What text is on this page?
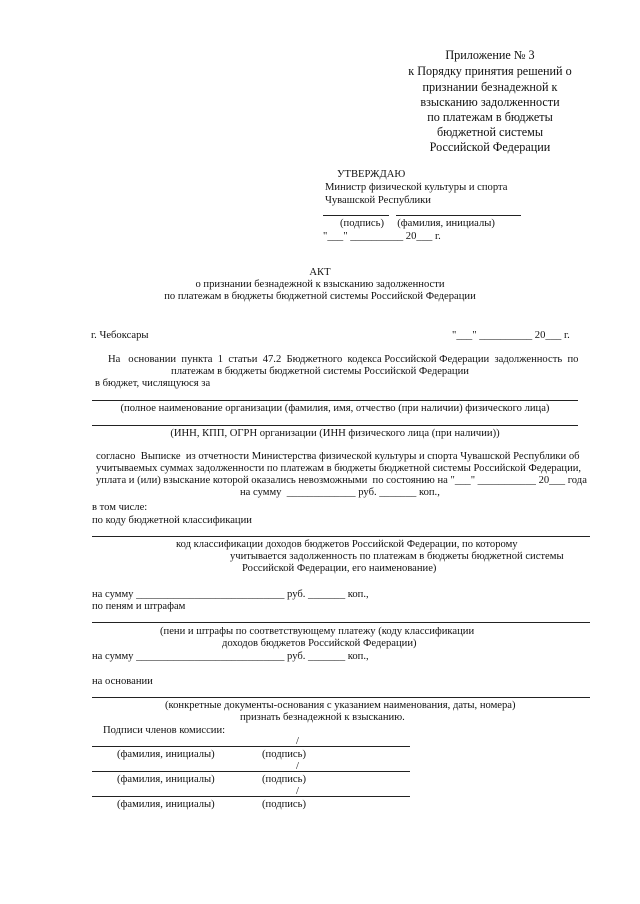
Приложение № 3
к Порядку принятия решений о
признании безнадежной к
взысканию задолженности
по платежам в бюджеты
бюджетной системы
Российской Федерации
УТВЕРЖДАЮ
Министр физической культуры и спорта
Чувашской Республики
(подпись)     (фамилия, инициалы)
"___" __________ 20___ г.
АКТ
о признании безнадежной к взысканию задолженности
по платежам в бюджеты бюджетной системы Российской Федерации
г. Чебоксары	"___" __________ 20___ г.
На   основании  пункта  1  статьи  47.2  Бюджетного  кодекса Российской Федерации  задолженность  по
платежам в бюджеты бюджетной системы Российской Федерации
в бюджет, числящуюся за
(полное наименование организации (фамилия, имя, отчество (при наличии) физического лица)
(ИНН, КПП, ОГРН организации (ИНН физического лица (при наличии))
согласно  Выписке  из отчетности Министерства физической культуры и спорта Чувашской Республики об
учитываемых суммах задолженности по платежам в бюджеты бюджетной системы Российской Федерации,
уплата и (или) взыскание которой оказались невозможными  по состоянию на "___" ___________ 20___ года
на сумму  _____________ руб. _______ коп.,
в том числе:
по коду бюджетной классификации
код классификации доходов бюджетов Российской Федерации, по которому
учитывается задолженность по платежам в бюджеты бюджетной системы
Российской Федерации, его наименование)
на сумму ____________________________ руб. _______ коп.,
по пеням и штрафам
(пени и штрафы по соответствующему платежу (коду классификации
доходов бюджетов Российской Федерации)
на сумму ____________________________ руб. _______ коп.,
на основании
(конкретные документы-основания с указанием наименования, даты, номера)
признать безнадежной к взысканию.
Подписи членов комиссии:
/
(фамилия, инициалы)	(подпись)
/
(фамилия, инициалы)	(подпись)
/
(фамилия, инициалы)	(подпись)
